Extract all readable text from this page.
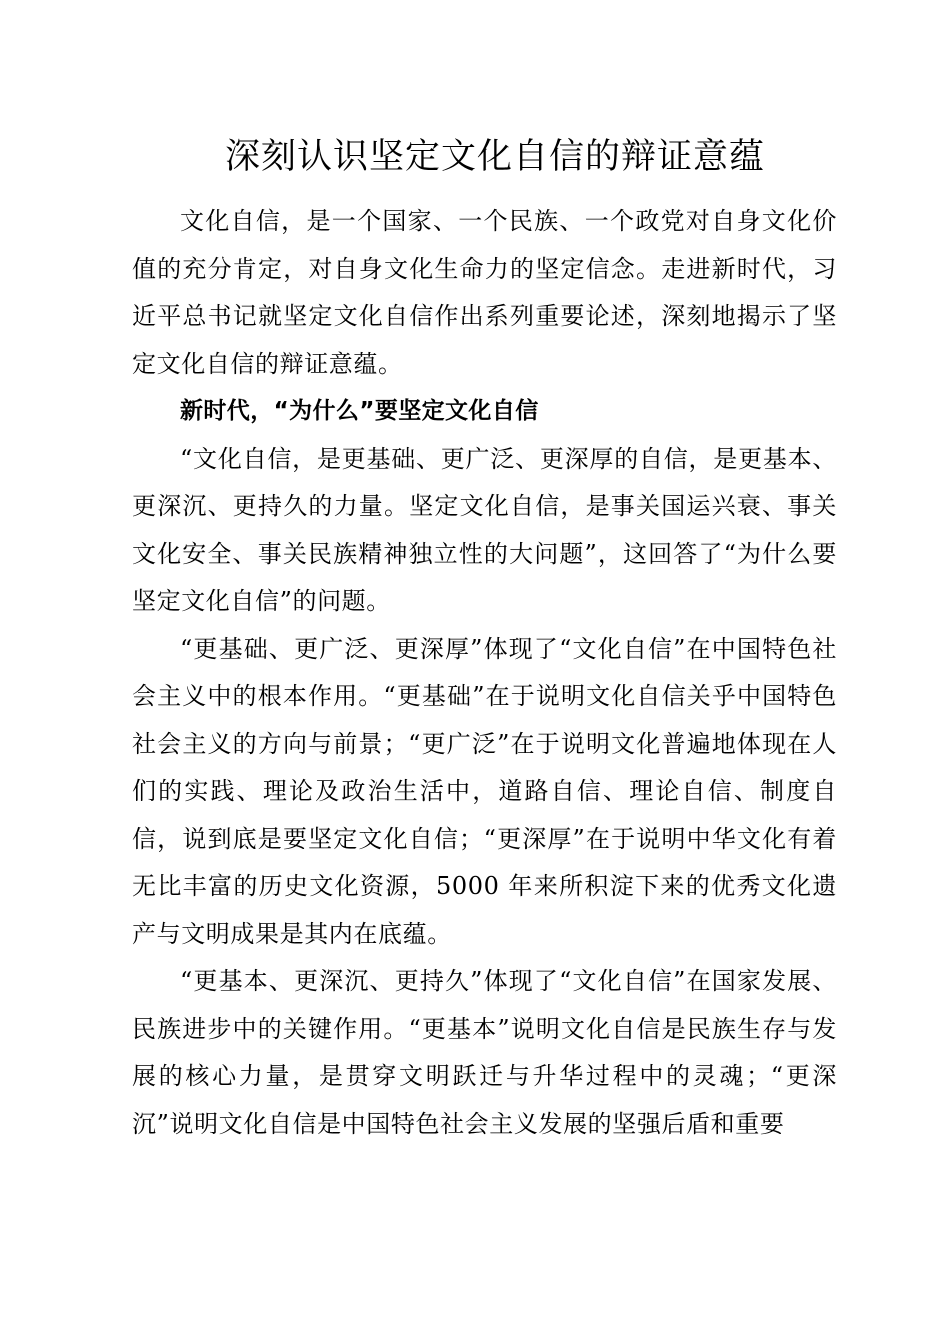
深刻认识坚定文化自信的辩证意蕴

文化自信，是一个国家、一个民族、一个政党对自身文化价值的充分肯定，对自身文化生命力的坚定信念。走进新时代，习近平总书记就坚定文化自信作出系列重要论述，深刻地揭示了坚定文化自信的辩证意蕴。

新时代，“为什么”要坚定文化自信

“文化自信，是更基础、更广泛、更深厚的自信，是更基本、更深沉、更持久的力量。坚定文化自信，是事关国运兴衰、事关文化安全、事关民族精神独立性的大问题”，这回答了“为什么要坚定文化自信”的问题。

“更基础、更广泛、更深厚”体现了“文化自信”在中国特色社会主义中的根本作用。“更基础”在于说明文化自信关乎中国特色社会主义的方向与前景；“更广泛”在于说明文化普遍地体现在人们的实践、理论及政治生活中，道路自信、理论自信、制度自信，说到底是要坚定文化自信；“更深厚”在于说明中华文化有着无比丰富的历史文化资源，5000 年来所积淀下来的优秀文化遗产与文明成果是其内在底蕴。

“更基本、更深沉、更持久”体现了“文化自信”在国家发展、民族进步中的关键作用。“更基本”说明文化自信是民族生存与发展的核心力量，是贯穿文明跃迁与升华过程中的灵魂；“更深沉”说明文化自信是中国特色社会主义发展的坚强后盾和重要
